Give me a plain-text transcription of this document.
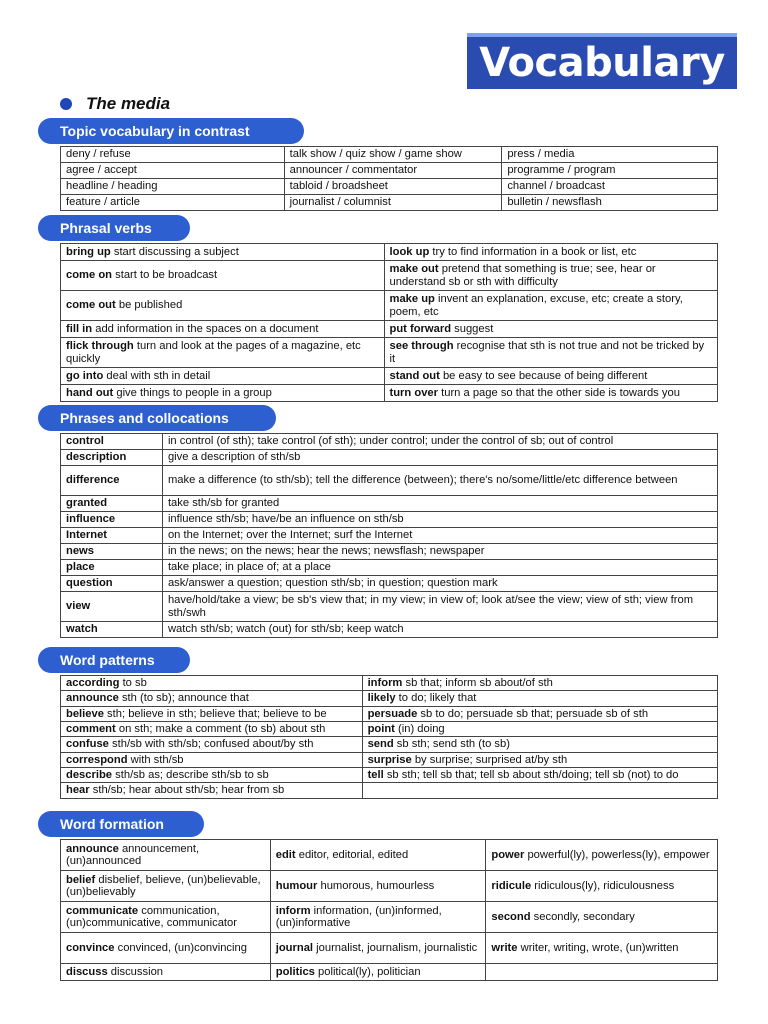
Vocabulary
The media
Topic vocabulary in contrast
deny / refuse	talk show / quiz show / game show	press / media
agree / accept	announcer / commentator	programme / program
headline / heading	tabloid / broadsheet	channel / broadcast
feature / article	journalist / columnist	bulletin / newsflash
Phrasal verbs
bring up start discussing a subject	look up try to find information in a book or list, etc
come on start to be broadcast	make out pretend that something is true; see, hear or understand sb or sth with difficulty
come out be published	make up invent an explanation, excuse, etc; create a story, poem, etc
fill in add information in the spaces on a document	put forward suggest
flick through turn and look at the pages of a magazine, etc quickly	see through recognise that sth is not true and not be tricked by it
go into deal with sth in detail	stand out be easy to see because of being different
hand out give things to people in a group	turn over turn a page so that the other side is towards you
Phrases and collocations
control	in control (of sth); take control (of sth); under control; under the control of sb; out of control
description	give a description of sth/sb
difference	make a difference (to sth/sb); tell the difference (between); there's no/some/little/etc difference between
granted	take sth/sb for granted
influence	influence sth/sb; have/be an influence on sth/sb
Internet	on the Internet; over the Internet; surf the Internet
news	in the news; on the news; hear the news; newsflash; newspaper
place	take place; in place of; at a place
question	ask/answer a question; question sth/sb; in question; question mark
view	have/hold/take a view; be sb's view that; in my view; in view of; look at/see the view; view of sth; view from sth/swh
watch	watch sth/sb; watch (out) for sth/sb; keep watch
Word patterns
according to sb	inform sb that; inform sb about/of sth
announce sth (to sb); announce that	likely to do; likely that
believe sth; believe in sth; believe that; believe to be	persuade sb to do; persuade sb that; persuade sb of sth
comment on sth; make a comment (to sb) about sth	point (in) doing
confuse sth/sb with sth/sb; confused about/by sth	send sb sth; send sth (to sb)
correspond with sth/sb	surprise by surprise; surprised at/by sth
describe sth/sb as; describe sth/sb to sb	tell sb sth; tell sb that; tell sb about sth/doing; tell sb (not) to do
hear sth/sb; hear about sth/sb; hear from sb	
Word formation
announce announcement, (un)announced	edit editor, editorial, edited	power powerful(ly), powerless(ly), empower
belief disbelief, believe, (un)believable, (un)believably	humour humorous, humourless	ridicule ridiculous(ly), ridiculousness
communicate communication, (un)communicative, communicator	inform information, (un)informed, (un)informative	second secondly, secondary
convince convinced, (un)convincing	journal journalist, journalism, journalistic	write writer, writing, wrote, (un)written
discuss discussion	politics political(ly), politician	
